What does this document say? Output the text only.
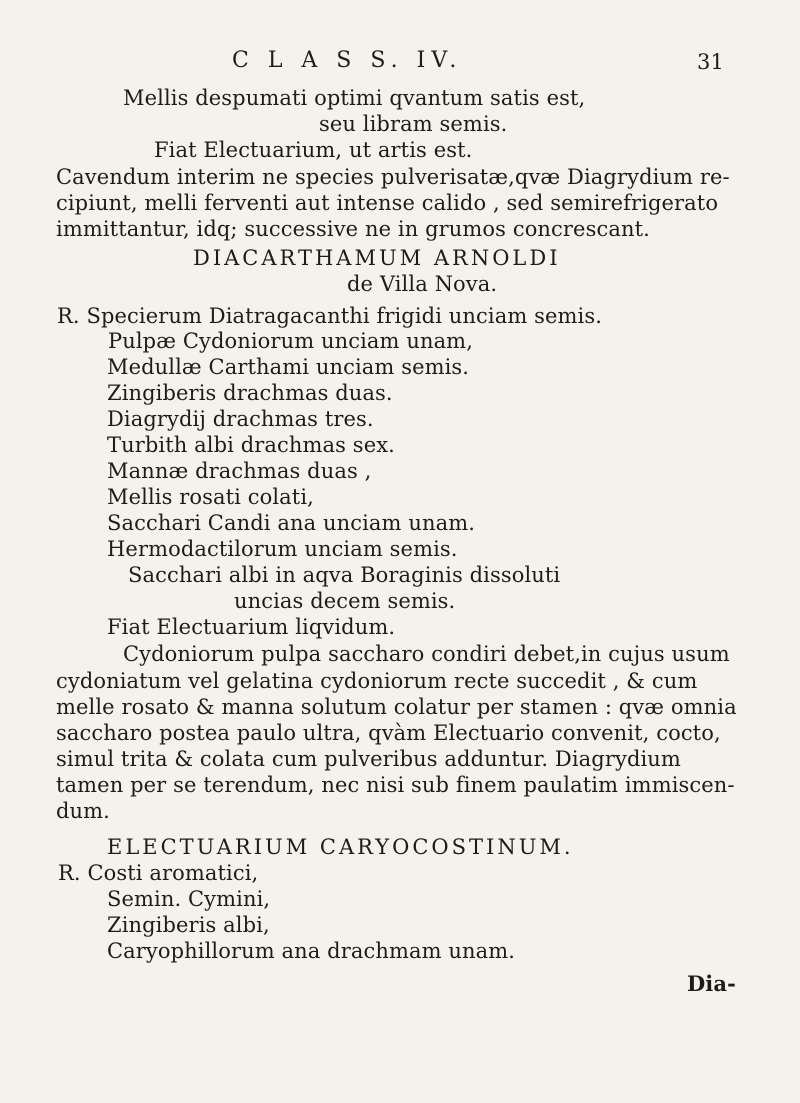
C L A S S. IV.	31
Mellis despumati optimi qvantum satis est,
seu libram semis.
Fiat Electuarium, ut artis est.
Cavendum interim ne species pulverisatæ,qvæ Diagrydium re-
cipiunt, melli ferventi aut intense calido , sed semirefrigerato
immittantur, idq; successive ne in grumos concrescant.
DIACARTHAMUM ARNOLDI
de Villa Nova.
R. Specierum Diatragacanthi frigidi unciam semis.
Pulpæ Cydoniorum unciam unam,
Medullæ Carthami unciam semis.
Zingiberis drachmas duas.
Diagrydij drachmas tres.
Turbith albi drachmas sex.
Mannæ drachmas duas ,
Mellis rosati colati,
Sacchari Candi ana unciam unam.
Hermodactilorum unciam semis.
Sacchari albi in aqva Boraginis dissoluti
uncias decem semis.
Fiat Electuarium liqvidum.
Cydoniorum pulpa saccharo condiri debet,in cujus usum
cydoniatum vel gelatina cydoniorum recte succedit , & cum
melle rosato & manna solutum colatur per stamen : qvæ omnia
saccharo postea paulo ultra, qvàm Electuario convenit, cocto,
simul trita & colata cum pulveribus adduntur. Diagrydium
tamen per se terendum, nec nisi sub finem paulatim immiscen-
dum.
ELECTUARIUM CARYOCOSTINUM.
R. Costi aromatici,
Semin. Cymini,
Zingiberis albi,
Caryophillorum ana drachmam unam.
Dia-
